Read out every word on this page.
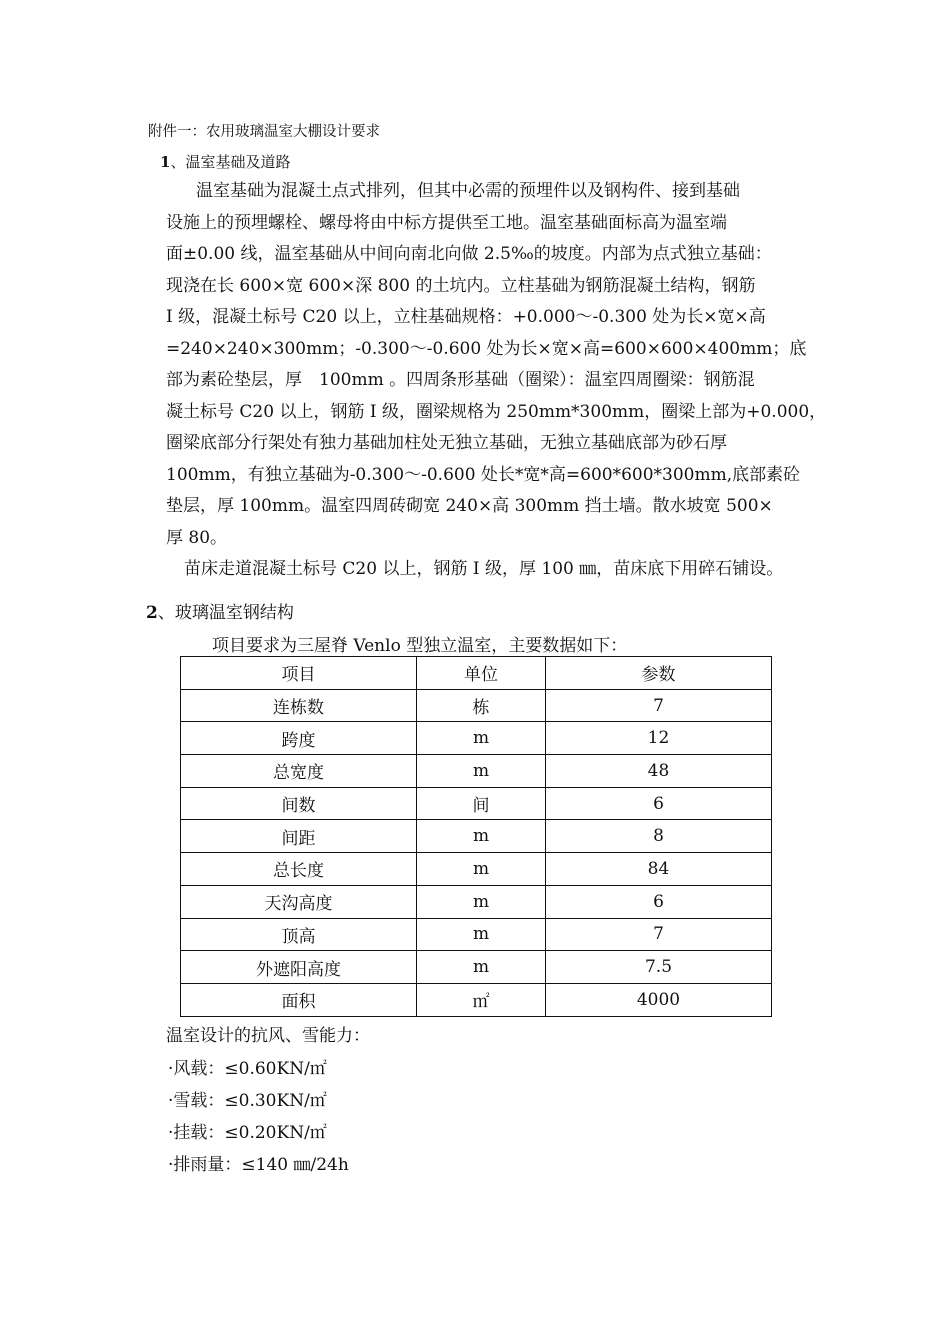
附件一：农用玻璃温室大棚设计要求
1、温室基础及道路
温室基础为混凝土点式排列，但其中必需的预埋件以及钢构件、接到基础
设施上的预埋螺栓、螺母将由中标方提供至工地。温室基础面标高为温室端
面±0.00 线，温室基础从中间向南北向做 2.5‰的坡度。内部为点式独立基础：
现浇在长 600×宽 600×深 800 的土坑内。立柱基础为钢筋混凝土结构，钢筋
I 级，混凝土标号 C20 以上，立柱基础规格：+0.000～-0.300 处为长×宽×高
=240×240×300mm；-0.300～-0.600 处为长×宽×高=600×600×400mm；底
部为素砼垫层，厚　100mm 。四周条形基础（圈梁）：温室四周圈梁：钢筋混
凝土标号 C20 以上，钢筋 I 级，圈梁规格为 250mm*300mm，圈梁上部为+0.000，
圈梁底部分行架处有独力基础加柱处无独立基础，无独立基础底部为砂石厚
100mm，有独立基础为-0.300～-0.600 处长*宽*高=600*600*300mm,底部素砼
垫层，厚 100mm。温室四周砖砌宽 240×高 300mm 挡土墙。散水坡宽 500×
厚 80。
苗床走道混凝土标号 C20 以上，钢筋 I 级，厚 100 ㎜，苗床底下用碎石铺设。
2、玻璃温室钢结构
项目要求为三屋脊 Venlo 型独立温室，主要数据如下：
项目	单位	参数
连栋数	栋	7
跨度	m	12
总宽度	m	48
间数	间	6
间距	m	8
总长度	m	84
天沟高度	m	6
顶高	m	7
外遮阳高度	m	7.5
面积	㎡	4000
温室设计的抗风、雪能力：
·风载：≤0.60KN/㎡
·雪载：≤0.30KN/㎡
·挂载：≤0.20KN/㎡
·排雨量：≤140 ㎜/24h
